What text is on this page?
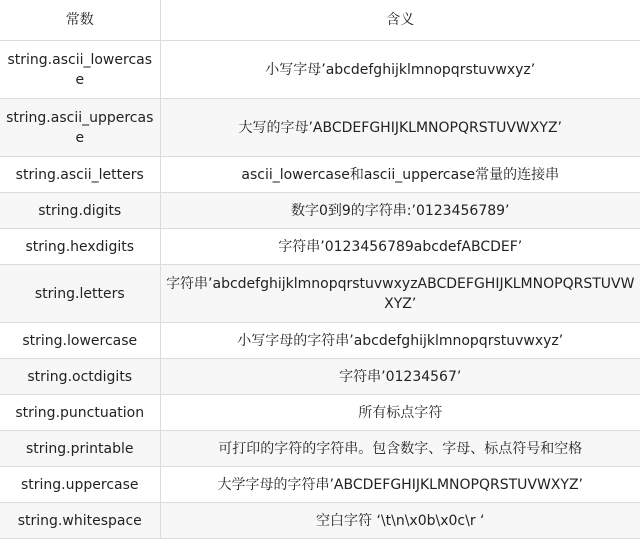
常数	含义
string.ascii_lowercase	小写字母’abcdefghijklmnopqrstuvwxyz’
string.ascii_uppercase	大写的字母’ABCDEFGHIJKLMNOPQRSTUVWXYZ’
string.ascii_letters	ascii_lowercase和ascii_uppercase常量的连接串
string.digits	数字0到9的字符串:’0123456789’
string.hexdigits	字符串’0123456789abcdefABCDEF’
string.letters	字符串’abcdefghijklmnopqrstuvwxyzABCDEFGHIJKLMNOPQRSTUVWXYZ’
string.lowercase	小写字母的字符串’abcdefghijklmnopqrstuvwxyz’
string.octdigits	字符串’01234567’
string.punctuation	所有标点字符
string.printable	可打印的字符的字符串。包含数字、字母、标点符号和空格
string.uppercase	大学字母的字符串’ABCDEFGHIJKLMNOPQRSTUVWXYZ’
string.whitespace	空白字符 ‘\t\n\x0b\x0c\r ‘
